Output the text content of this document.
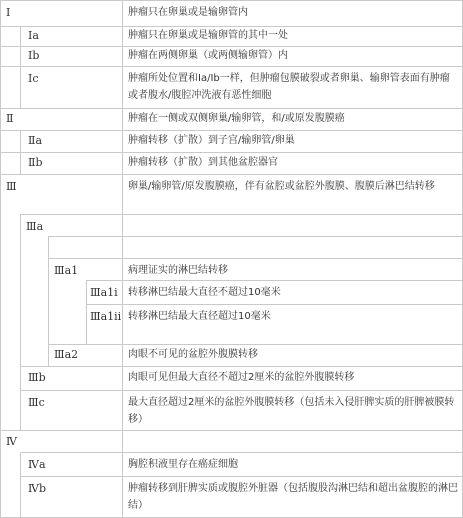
Ⅰ	肿瘤只在卵巢或是输卵管内
Ⅰa	肿瘤只在卵巢或是输卵管的其中一处
Ⅰb	肿瘤在两侧卵巢（或两侧输卵管）内
Ⅰc	肿瘤所处位置和Ⅰa/Ⅰb一样，但肿瘤包膜破裂或者卵巢、输卵管表面有肿瘤或者腹水/腹腔冲洗液有恶性细胞
Ⅱ	肿瘤在一侧或双侧卵巢/输卵管，和/或原发腹膜癌
Ⅱa	肿瘤转移（扩散）到子宫/输卵管/卵巢
Ⅱb	肿瘤转移（扩散）到其他盆腔器官
Ⅲ	卵巢/输卵管/原发腹膜癌，伴有盆腔或盆腔外腹膜、腹膜后淋巴结转移
Ⅲa
Ⅲa1	病理证实的淋巴结转移
Ⅲa1i 转移淋巴结最大直径不超过10毫米
Ⅲa1ii 转移淋巴结最大直径超过10毫米
Ⅲa2	肉眼不可见的盆腔外腹膜转移
Ⅲb	肉眼可见但最大直径不超过2厘米的盆腔外腹膜转移
Ⅲc	最大直径超过2厘米的盆腔外腹膜转移（包括未入侵肝脾实质的肝脾被膜转移）
Ⅳ
Ⅳa	胸腔积液里存在癌症细胞
Ⅳb	肿瘤转移到肝脾实质或腹腔外脏器（包括腹股沟淋巴结和超出盆腹腔的淋巴结）
